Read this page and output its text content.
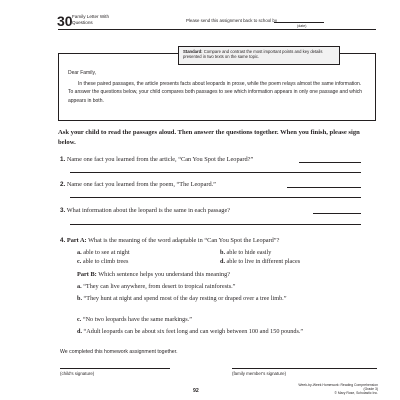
30 Family Letter With Questions	Please send this assignment back to school by
(date)
Dear Family,
In these paired passages, the article presents facts about leopards in prose, while the poem relays almost the same information. To answer the questions below, your child compares both passages to see which information appears in only one passage and which appears in both.
Standard: Compare and contrast the most important points and key details presented in two texts on the same topic.
Ask your child to read the passages aloud. Then answer the questions together. When you finish, please sign below.
1. Name one fact you learned from the article, “Can You Spot the Leopard?”
2. Name one fact you learned from the poem, “The Leopard.”
3. What information about the leopard is the same in each passage?
4. Part A: What is the meaning of the word adaptable in “Can You Spot the Leopard”?
a. able to see at night	b. able to hide easily
c. able to climb trees	d. able to live in different places
Part B: Which sentence helps you understand this meaning?
a. “They can live anywhere, from desert to tropical rainforests.”
b. “They hunt at night and spend most of the day resting or draped over a tree limb.”
c. “No two leopards have the same markings.”
d. “Adult leopards can be about six feet long and can weigh between 100 and 150 pounds.”
We completed this homework assignment together.
(child's signature)	(family member's signature)
Week-by-Week Homework: Reading Comprehension (Grade 3)
© Mary Rose, Scholastic Inc.
92
